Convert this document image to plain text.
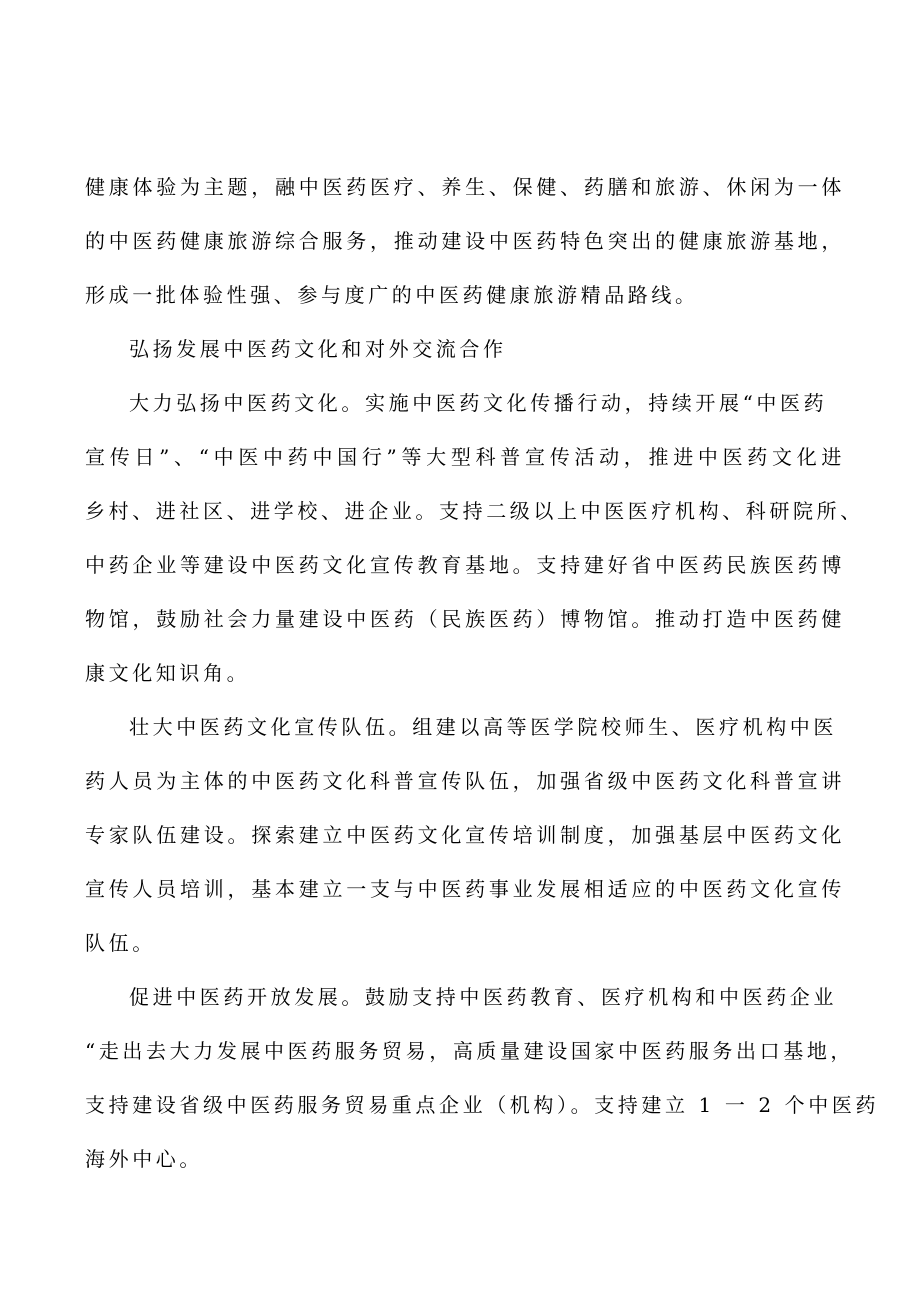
健康体验为主题，融中医药医疗、养生、保健、药膳和旅游、休闲为一体
的中医药健康旅游综合服务，推动建设中医药特色突出的健康旅游基地，
形成一批体验性强、参与度广的中医药健康旅游精品路线。
弘扬发展中医药文化和对外交流合作
大力弘扬中医药文化。实施中医药文化传播行动，持续开展“中医药
宣传日”、“中医中药中国行”等大型科普宣传活动，推进中医药文化进
乡村、进社区、进学校、进企业。支持二级以上中医医疗机构、科研院所、
中药企业等建设中医药文化宣传教育基地。支持建好省中医药民族医药博
物馆，鼓励社会力量建设中医药（民族医药）博物馆。推动打造中医药健
康文化知识角。
壮大中医药文化宣传队伍。组建以高等医学院校师生、医疗机构中医
药人员为主体的中医药文化科普宣传队伍，加强省级中医药文化科普宣讲
专家队伍建设。探索建立中医药文化宣传培训制度，加强基层中医药文化
宣传人员培训，基本建立一支与中医药事业发展相适应的中医药文化宣传
队伍。
促进中医药开放发展。鼓励支持中医药教育、医疗机构和中医药企业
“走出去大力发展中医药服务贸易，高质量建设国家中医药服务出口基地，
支持建设省级中医药服务贸易重点企业（机构）。支持建立 1 一 2 个中医药
海外中心。
